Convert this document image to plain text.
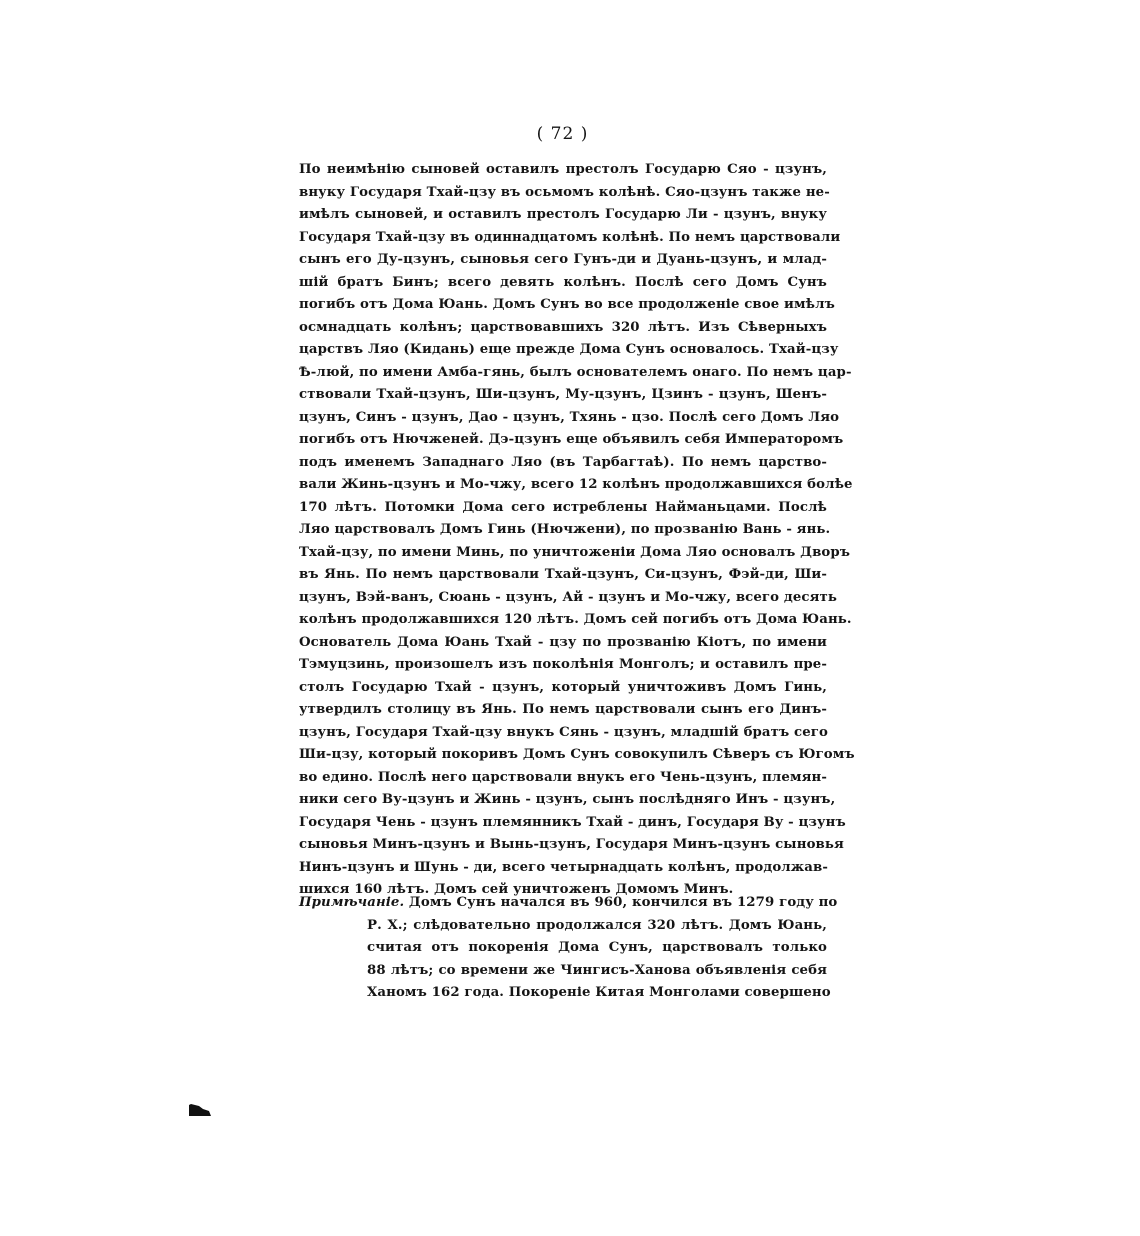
( 72 )
По неимѣнію сыновей оставилъ престолъ Государю Сяо - цзунъ,
внуку Государя Тхай-цзу въ осьмомъ колѣнѣ. Сяо-цзунъ также не-
имѣлъ сыновей, и оставилъ престолъ Государю Ли - цзунъ, внуку
Государя Тхай-цзу въ одиннадцатомъ колѣнѣ. По немъ царствовали
сынъ его Ду-цзунъ, сыновья сего Гунъ-ди и Дуань-цзунъ, и млад-
шій братъ Бинъ; всего девять колѣнъ. Послѣ сего Домъ Сунъ
погибъ отъ Дома Юань. Домъ Сунъ во все продолженіе свое имѣлъ
осмнадцать колѣнъ; царствовавшихъ 320 лѣтъ. Изъ Сѣверныхъ
царствъ Ляо (Кидань) еще прежде Дома Сунъ основалось. Тхай-цзу
Ѣ-люй, по имени Амба-гянь, былъ основателемъ онаго. По немъ цар-
ствовали Тхай-цзунъ, Ши-цзунъ, Му-цзунъ, Цзинъ - цзунъ, Шенъ-
цзунъ, Синъ - цзунъ, Дао - цзунъ, Тхянь - цзо. Послѣ сего Домъ Ляо
погибъ отъ Нючженей. Дэ-цзунъ еще объявилъ себя Императоромъ
подъ именемъ Западнаго Ляо (въ Тарбагтаѣ). По немъ царство-
вали Жинь-цзунъ и Мо-чжу, всего 12 колѣнъ продолжавшихся болѣе
170 лѣтъ. Потомки Дома сего истреблены Найманьцами. Послѣ
Ляо царствовалъ Домъ Гинь (Нючжени), по прозванію Вань - янь.
Тхай-цзу, по имени Минь, по уничтоженіи Дома Ляо основалъ Дворъ
въ Янь. По немъ царствовали Тхай-цзунъ, Си-цзунъ, Фэй-ди, Ши-
цзунъ, Вэй-ванъ, Сюань - цзунъ, Ай - цзунъ и Мо-чжу, всего десять
колѣнъ продолжавшихся 120 лѣтъ. Домъ сей погибъ отъ Дома Юань.
Основатель Дома Юань Тхай - цзу по прозванію Кіотъ, по имени
Тэмуцзинь, произошелъ изъ поколѣнія Монголъ; и оставилъ пре-
столъ Государю Тхай - цзунъ, который уничтоживъ Домъ Гинь,
утвердилъ столицу въ Янь. По немъ царствовали сынъ его Динъ-
цзунъ, Государя Тхай-цзу внукъ Сянь - цзунъ, младшій братъ сего
Ши-цзу, который покоривъ Домъ Сунъ совокупилъ Сѣверъ съ Югомъ
во едино. Послѣ него царствовали внукъ его Чень-цзунъ, племян-
ники сего Ву-цзунъ и Жинь - цзунъ, сынъ послѣдняго Инъ - цзунъ,
Государя Чень - цзунъ племянникъ Тхай - динъ, Государя Ву - цзунъ
сыновья Минъ-цзунъ и Вынь-цзунъ, Государя Минъ-цзунъ сыновья
Нинъ-цзунъ и Шунь - ди, всего четырнадцать колѣнъ, продолжав-
шихся 160 лѣтъ. Домъ сей уничтоженъ Домомъ Минъ.
Примѣчаніе. Домъ Сунъ начался въ 960, кончился въ 1279 году по
Р. Х.; слѣдовательно продолжался 320 лѣтъ. Домъ Юань,
считая отъ покоренія Дома Сунъ, царствовалъ только
88 лѣтъ; со времени же Чингисъ-Ханова объявленія себя
Ханомъ 162 года. Покореніе Китая Монголами совершено
